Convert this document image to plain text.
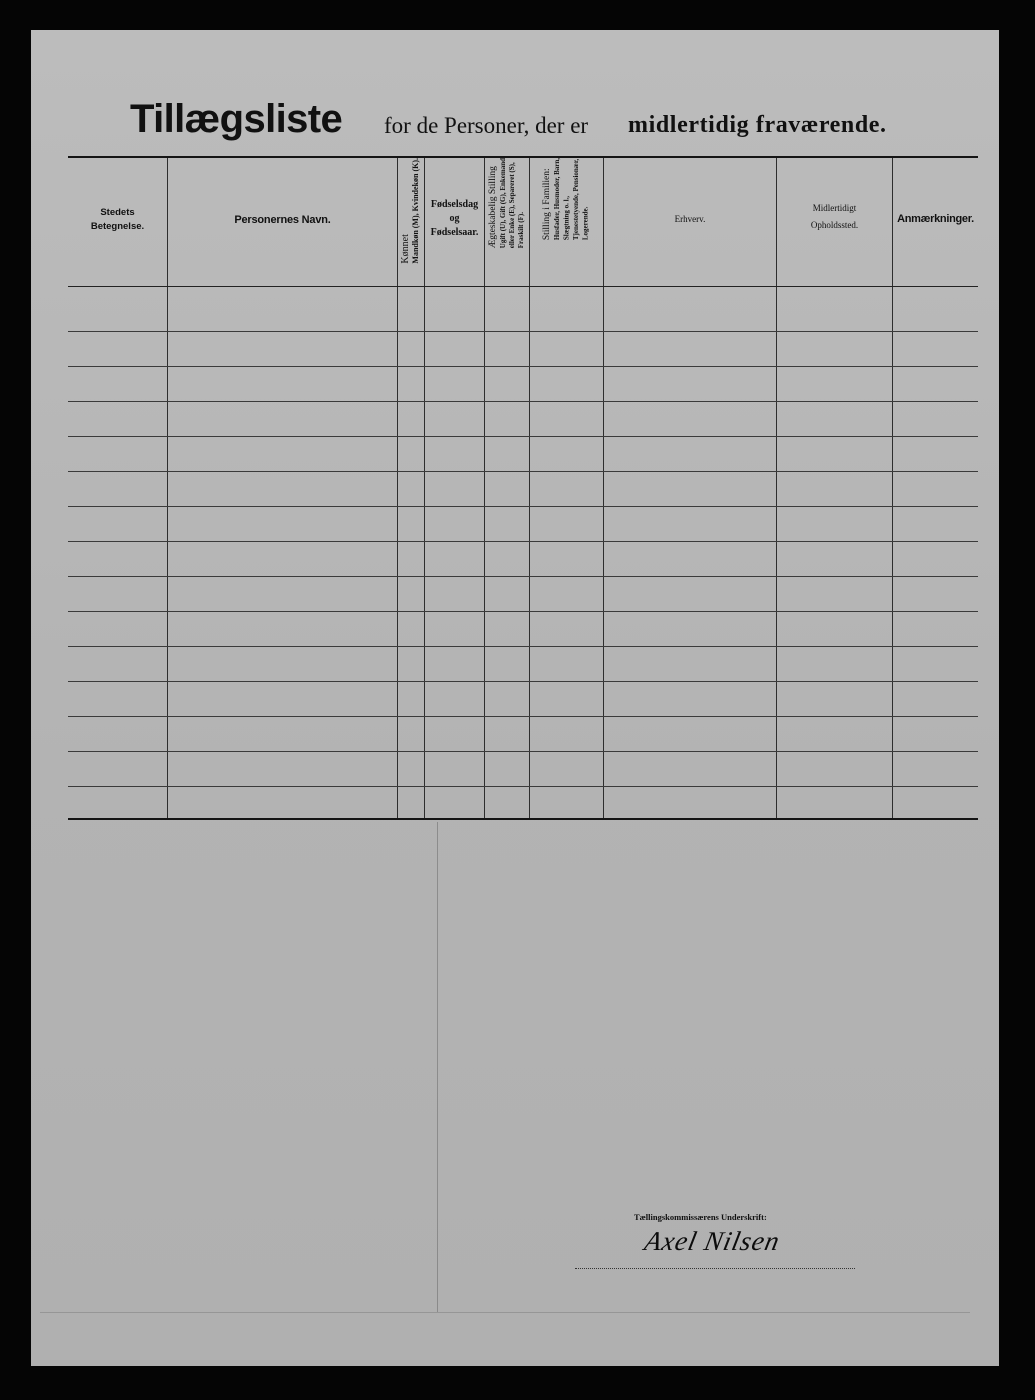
Tillægsliste for de Personer, der er midlertidig fraværende.
Stedets
Betegnelse.
Personernes Navn.
Kønnet Mandkøn (M), Kvindekøn (K). Fødselsdag
og
Fødselsaar. Ægteskabelig Stilling Ugift (U), Gift (G), Enkemand eller Enke (E), Separeret (S), Fraskilt (F). Stilling i Familien: Husfader, Husmoder, Barn, Slægtning o. l., Tjenestetyende, Pensionær, Logerende.	Erhverv.
Midlertidigt
Opholdssted.	Anmærkninger.
Tællingskommissærens Underskrift:
Axel Nilsen
